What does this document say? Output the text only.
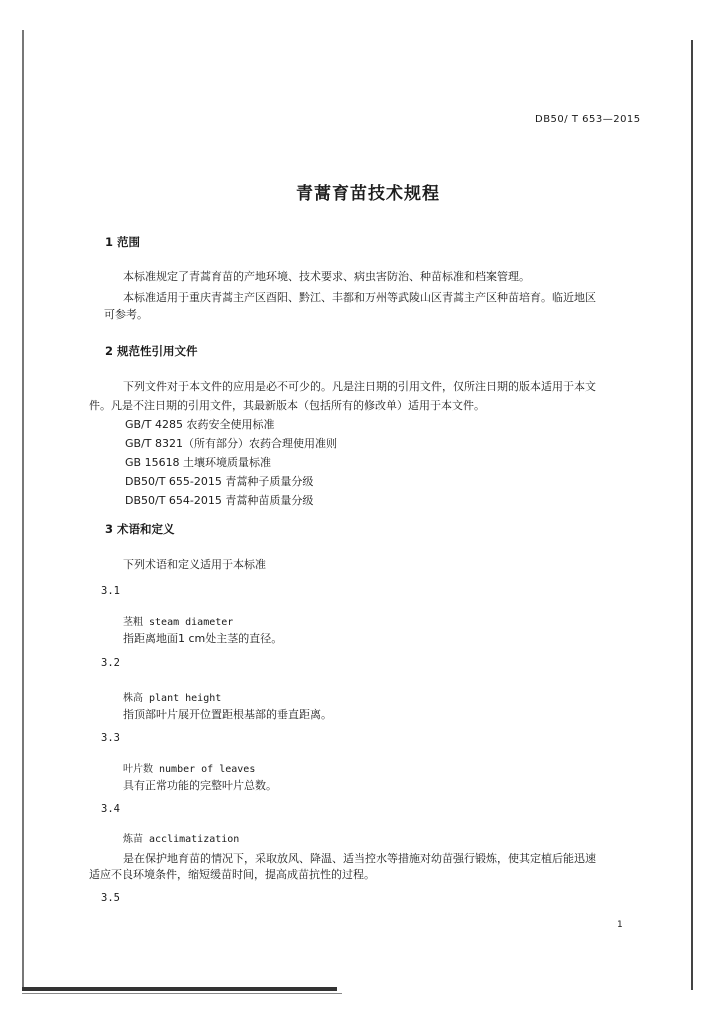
DB50/ T 653—2015
青蒿育苗技术规程
1 范围
本标准规定了青蒿育苗的产地环境、技术要求、病虫害防治、种苗标准和档案管理。
本标准适用于重庆青蒿主产区酉阳、黔江、丰都和万州等武陵山区青蒿主产区种苗培育。临近地区
可参考。
2 规范性引用文件
下列文件对于本文件的应用是必不可少的。凡是注日期的引用文件，仅所注日期的版本适用于本文
件。凡是不注日期的引用文件，其最新版本（包括所有的修改单）适用于本文件。
GB/T 4285 农药安全使用标准
GB/T 8321（所有部分）农药合理使用准则
GB 15618 土壤环境质量标准
DB50/T 655-2015 青蒿种子质量分级
DB50/T 654-2015 青蒿种苗质量分级
3 术语和定义
下列术语和定义适用于本标准
3.1
茎粗 steam diameter
指距离地面1 cm处主茎的直径。
3.2
株高 plant height
指顶部叶片展开位置距根基部的垂直距离。
3.3
叶片数 number of leaves
具有正常功能的完整叶片总数。
3.4
炼苗 acclimatization
是在保护地育苗的情况下，采取放风、降温、适当控水等措施对幼苗强行锻炼，使其定植后能迅速
适应不良环境条件，缩短缓苗时间，提高成苗抗性的过程。
3.5
1
